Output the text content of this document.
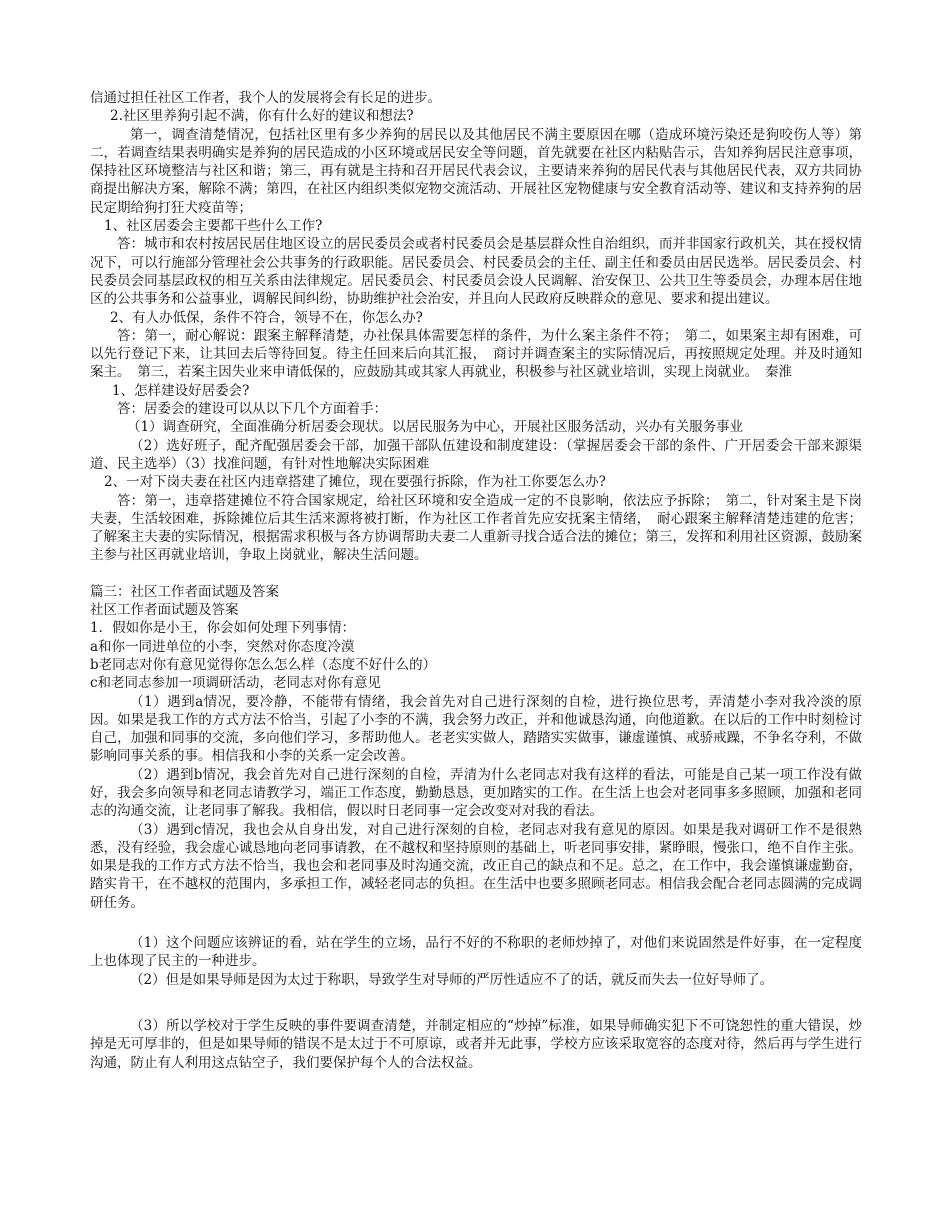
信通过担任社区工作者，我个人的发展将会有长足的进步。

2.社区里养狗引起不满，你有什么好的建议和想法?

第一，调查清楚情况，包括社区里有多少养狗的居民以及其他居民不满主要原因在哪（造成环境污染还是狗咬伤人等）第二，若调查结果表明确实是养狗的居民造成的小区环境或居民安全等问题，首先就要在社区内粘贴告示，告知养狗居民注意事项，保持社区环境整洁与社区和谐；第三，再有就是主持和召开居民代表会议，主要请来养狗的居民代表与其他居民代表，双方共同协商提出解决方案，解除不满；第四，在社区内组织类似宠物交流活动、开展社区宠物健康与安全教育活动等、建议和支持养狗的居民定期给狗打狂犬疫苗等；

1、社区居委会主要都干些什么工作?

答：城市和农村按居民居住地区设立的居民委员会或者村民委员会是基层群众性自治组织，而并非国家行政机关，其在授权情况下，可以行施部分管理社会公共事务的行政职能。居民委员会、村民委员会的主任、副主任和委员由居民选举。居民委员会、村民委员会同基层政权的相互关系由法律规定。居民委员会、村民委员会设人民调解、治安保卫、公共卫生等委员会，办理本居住地区的公共事务和公益事业，调解民间纠纷，协助维护社会治安，并且向人民政府反映群众的意见、要求和提出建议。

2、有人办低保，条件不符合，领导不在，你怎么办?

答：第一，耐心解说：跟案主解释清楚，办社保具体需要怎样的条件，为什么案主条件不符；　第二，如果案主却有困难，可以先行登记下来，让其回去后等待回复。待主任回来后向其汇报，　商讨并调查案主的实际情况后，再按照规定处理。并及时通知案主。　第三，若案主因失业来申请低保的，应鼓励其或其家人再就业，积极参与社区就业培训，实现上岗就业。　秦淮

1、怎样建设好居委会?

答：居委会的建设可以从以下几个方面着手：

（1）调查研究，全面准确分析居委会现状。以居民服务为中心，开展社区服务活动，兴办有关服务事业

（2）选好班子，配齐配强居委会干部，加强干部队伍建设和制度建设：（掌握居委会干部的条件、广开居委会干部来源渠道、民主选举）（3）找准问题，有针对性地解决实际困难

2、一对下岗夫妻在社区内违章搭建了摊位，现在要强行拆除，作为社工你要怎么办?

答：第一，违章搭建摊位不符合国家规定，给社区环境和安全造成一定的不良影响，依法应予拆除；　第二，针对案主是下岗夫妻，生活较困难，拆除摊位后其生活来源将被打断，作为社区工作者首先应安抚案主情绪，　耐心跟案主解释清楚违建的危害；了解案主夫妻的实际情况，根据需求积极与各方协调帮助夫妻二人重新寻找合适合法的摊位；第三，发挥和利用社区资源，鼓励案主参与社区再就业培训，争取上岗就业，解决生活问题。

篇三：社区工作者面试题及答案

社区工作者面试题及答案

1．假如你是小王，你会如何处理下列事情：

a和你一同进单位的小李，突然对你态度冷漠

b老同志对你有意见觉得你怎么怎么样（态度不好什么的）

c和老同志参加一项调研活动，老同志对你有意见

（1）遇到a情况，要冷静，不能带有情绪，我会首先对自己进行深刻的自检，进行换位思考，弄清楚小李对我冷淡的原因。如果是我工作的方式方法不恰当，引起了小李的不满，我会努力改正，并和他诚恳沟通，向他道歉。在以后的工作中时刻检讨自己，加强和同事的交流，多向他们学习，多帮助他人。老老实实做人，踏踏实实做事，谦虚谨慎、戒骄戒躁，不争名夺利，不做影响同事关系的事。相信我和小李的关系一定会改善。

（2）遇到b情况，我会首先对自己进行深刻的自检，弄清为什么老同志对我有这样的看法，可能是自己某一项工作没有做好，我会多向领导和老同志请教学习，端正工作态度，勤勤恳恳，更加踏实的工作。在生活上也会对老同事多多照顾，加强和老同志的沟通交流，让老同事了解我。我相信，假以时日老同事一定会改变对对我的看法。

（3）遇到c情况，我也会从自身出发，对自己进行深刻的自检，老同志对我有意见的原因。如果是我对调研工作不是很熟悉，没有经验，我会虚心诚恳地向老同事请教，在不越权和坚持原则的基础上，听老同事安排，紧睁眼，慢张口，绝不自作主张。如果是我的工作方式方法不恰当，我也会和老同事及时沟通交流，改正自己的缺点和不足。总之，在工作中，我会谨慎谦虚勤奋，踏实肯干，在不越权的范围内，多承担工作，减轻老同志的负担。在生活中也要多照顾老同志。相信我会配合老同志圆满的完成调研任务。

（1）这个问题应该辨证的看，站在学生的立场，品行不好的不称职的老师炒掉了，对他们来说固然是件好事，在一定程度上也体现了民主的一种进步。

（2）但是如果导师是因为太过于称职，导致学生对导师的严厉性适应不了的话，就反而失去一位好导师了。

（3）所以学校对于学生反映的事件要调查清楚，并制定相应的“炒掉”标准，如果导师确实犯下不可饶恕性的重大错误，炒掉是无可厚非的，但是如果导师的错误不是太过于不可原谅，或者并无此事，学校方应该采取宽容的态度对待，然后再与学生进行沟通，防止有人利用这点钻空子，我们要保护每个人的合法权益。
